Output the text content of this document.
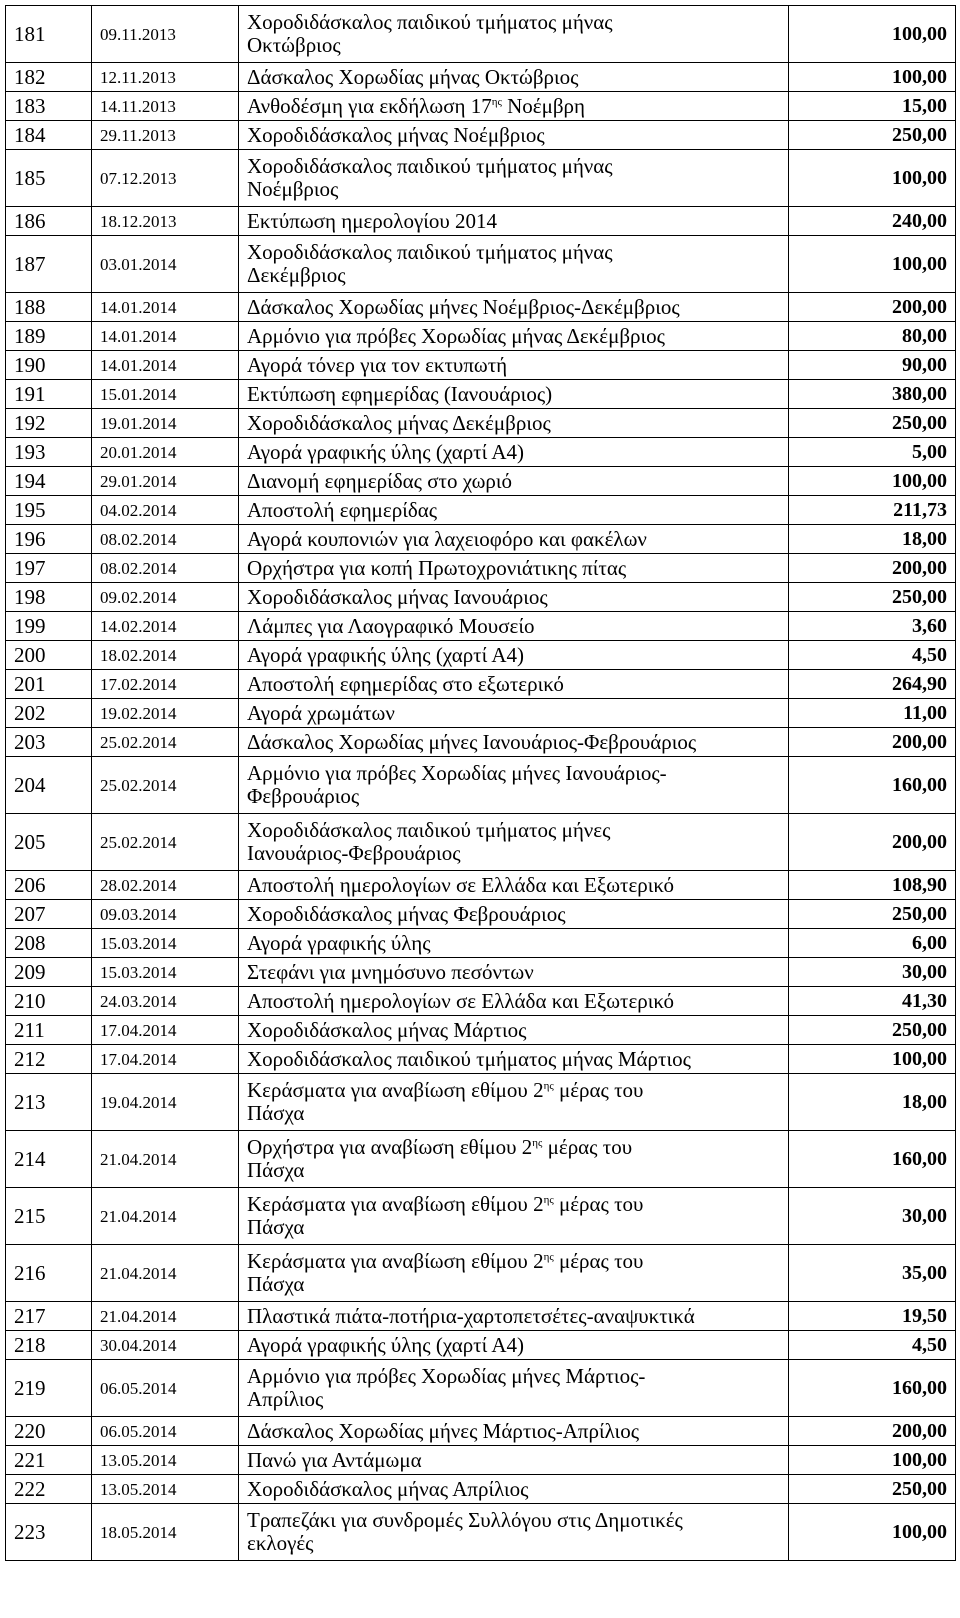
181	09.11.2013	Χοροδιδάσκαλος παιδικού τμήματος μήνας
Οκτώβριος	100,00
182	12.11.2013	Δάσκαλος Χορωδίας μήνας Οκτώβριος	100,00
183	14.11.2013	Ανθοδέσμη για εκδήλωση $17^{\eta\varsigma}$ Νοέμβρη	15,00
184	29.11.2013	Χοροδιδάσκαλος μήνας Νοέμβριος	250,00
185	07.12.2013	Χοροδιδάσκαλος παιδικού τμήματος μήνας
Νοέμβριος	100,00
186	18.12.2013	Εκτύπωση ημερολογίου 2014	240,00
187	03.01.2014	Χοροδιδάσκαλος παιδικού τμήματος μήνας
Δεκέμβριος	100,00
188	14.01.2014	Δάσκαλος Χορωδίας μήνες Νοέμβριος-Δεκέμβριος	200,00
189	14.01.2014	Αρμόνιο για πρόβες Χορωδίας μήνας Δεκέμβριος	80,00
190	14.01.2014	Αγορά τόνερ για τον εκτυπωτή	90,00
191	15.01.2014	Εκτύπωση εφημερίδας (Ιανουάριος)	380,00
192	19.01.2014	Χοροδιδάσκαλος μήνας Δεκέμβριος	250,00
193	20.01.2014	Αγορά γραφικής ύλης (χαρτί Α4)	5,00
194	29.01.2014	Διανομή εφημερίδας στο χωριό	100,00
195	04.02.2014	Αποστολή εφημερίδας	211,73
196	08.02.2014	Αγορά κουπονιών για λαχειοφόρο και φακέλων	18,00
197	08.02.2014	Ορχήστρα για κοπή Πρωτοχρονιάτικης πίτας	200,00
198	09.02.2014	Χοροδιδάσκαλος μήνας Ιανουάριος	250,00
199	14.02.2014	Λάμπες για Λαογραφικό Μουσείο	3,60
200	18.02.2014	Αγορά γραφικής ύλης (χαρτί Α4)	4,50
201	17.02.2014	Αποστολή εφημερίδας στο εξωτερικό	264,90
202	19.02.2014	Αγορά χρωμάτων	11,00
203	25.02.2014	Δάσκαλος Χορωδίας μήνες Ιανουάριος-Φεβρουάριος	200,00
204	25.02.2014	Αρμόνιο για πρόβες Χορωδίας μήνες Ιανουάριος-
Φεβρουάριος	160,00
205	25.02.2014	Χοροδιδάσκαλος παιδικού τμήματος μήνες
Ιανουάριος-Φεβρουάριος	200,00
206	28.02.2014	Αποστολή ημερολογίων σε Ελλάδα και Εξωτερικό	108,90
207	09.03.2014	Χοροδιδάσκαλος μήνας Φεβρουάριος	250,00
208	15.03.2014	Αγορά γραφικής ύλης	6,00
209	15.03.2014	Στεφάνι για μνημόσυνο πεσόντων	30,00
210	24.03.2014	Αποστολή ημερολογίων σε Ελλάδα και Εξωτερικό	41,30
211	17.04.2014	Χοροδιδάσκαλος μήνας Μάρτιος	250,00
212	17.04.2014	Χοροδιδάσκαλος παιδικού τμήματος μήνας Μάρτιος	100,00
213	19.04.2014	Κεράσματα για αναβίωση εθίμου $2^{\eta\varsigma}$ μέρας του
Πάσχα	18,00
214	21.04.2014	Ορχήστρα για αναβίωση εθίμου $2^{\eta\varsigma}$ μέρας του
Πάσχα	160,00
215	21.04.2014	Κεράσματα για αναβίωση εθίμου $2^{\eta\varsigma}$ μέρας του
Πάσχα	30,00
216	21.04.2014	Κεράσματα για αναβίωση εθίμου $2^{\eta\varsigma}$ μέρας του
Πάσχα	35,00
217	21.04.2014	Πλαστικά πιάτα-ποτήρια-χαρτοπετσέτες-αναψυκτικά	19,50
218	30.04.2014	Αγορά γραφικής ύλης (χαρτί Α4)	4,50
219	06.05.2014	Αρμόνιο για πρόβες Χορωδίας μήνες Μάρτιος-
Απρίλιος	160,00
220	06.05.2014	Δάσκαλος Χορωδίας μήνες Μάρτιος-Απρίλιος	200,00
221	13.05.2014	Πανώ για Αντάμωμα	100,00
222	13.05.2014	Χοροδιδάσκαλος μήνας Απρίλιος	250,00
223	18.05.2014	Τραπεζάκι για συνδρομές Συλλόγου στις Δημοτικές
εκλογές	100,00
